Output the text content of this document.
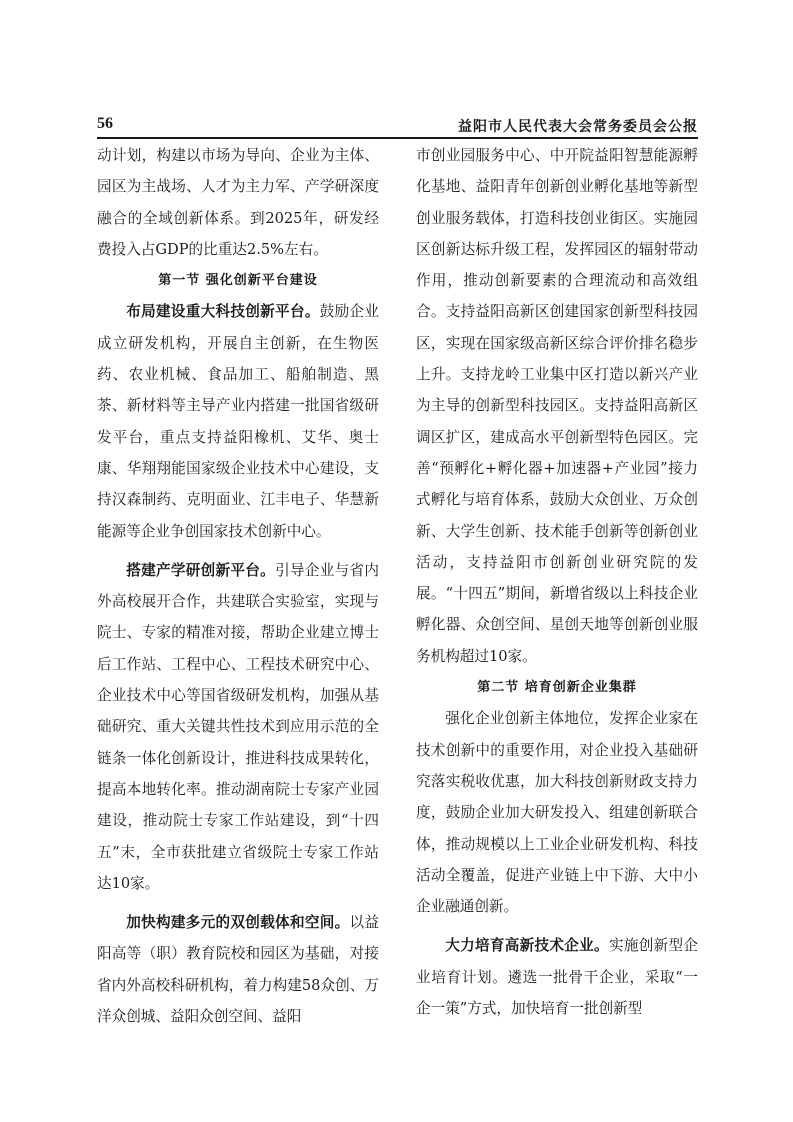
56	益阳市人民代表大会常务委员会公报

动计划，构建以市场为导向、企业为主体、园区为主战场、人才为主力军、产学研深度融合的全域创新体系。到2025年，研发经费投入占GDP的比重达2.5%左右。

第一节 强化创新平台建设

布局建设重大科技创新平台。鼓励企业成立研发机构，开展自主创新，在生物医药、农业机械、食品加工、船舶制造、黑茶、新材料等主导产业内搭建一批国省级研发平台，重点支持益阳橡机、艾华、奥士康、华翔翔能国家级企业技术中心建设，支持汉森制药、克明面业、江丰电子、华慧新能源等企业争创国家技术创新中心。

搭建产学研创新平台。引导企业与省内外高校展开合作，共建联合实验室，实现与院士、专家的精准对接，帮助企业建立博士后工作站、工程中心、工程技术研究中心、企业技术中心等国省级研发机构，加强从基础研究、重大关键共性技术到应用示范的全链条一体化创新设计，推进科技成果转化，提高本地转化率。推动湖南院士专家产业园建设，推动院士专家工作站建设，到“十四五”末，全市获批建立省级院士专家工作站达10家。

加快构建多元的双创载体和空间。以益阳高等（职）教育院校和园区为基础，对接省内外高校科研机构，着力构建58众创、万洋众创城、益阳众创空间、益阳

市创业园服务中心、中开院益阳智慧能源孵化基地、益阳青年创新创业孵化基地等新型创业服务载体，打造科技创业街区。实施园区创新达标升级工程，发挥园区的辐射带动作用，推动创新要素的合理流动和高效组合。支持益阳高新区创建国家创新型科技园区，实现在国家级高新区综合评价排名稳步上升。支持龙岭工业集中区打造以新兴产业为主导的创新型科技园区。支持益阳高新区调区扩区，建成高水平创新型特色园区。完善“预孵化+孵化器+加速器+产业园”接力式孵化与培育体系，鼓励大众创业、万众创新、大学生创新、技术能手创新等创新创业活动，支持益阳市创新创业研究院的发展。“十四五”期间，新增省级以上科技企业孵化器、众创空间、星创天地等创新创业服务机构超过10家。

第二节 培育创新企业集群

强化企业创新主体地位，发挥企业家在技术创新中的重要作用，对企业投入基础研究落实税收优惠，加大科技创新财政支持力度，鼓励企业加大研发投入、组建创新联合体，推动规模以上工业企业研发机构、科技活动全覆盖，促进产业链上中下游、大中小企业融通创新。

大力培育高新技术企业。实施创新型企业培育计划。遴选一批骨干企业，采取“一企一策”方式，加快培育一批创新型
